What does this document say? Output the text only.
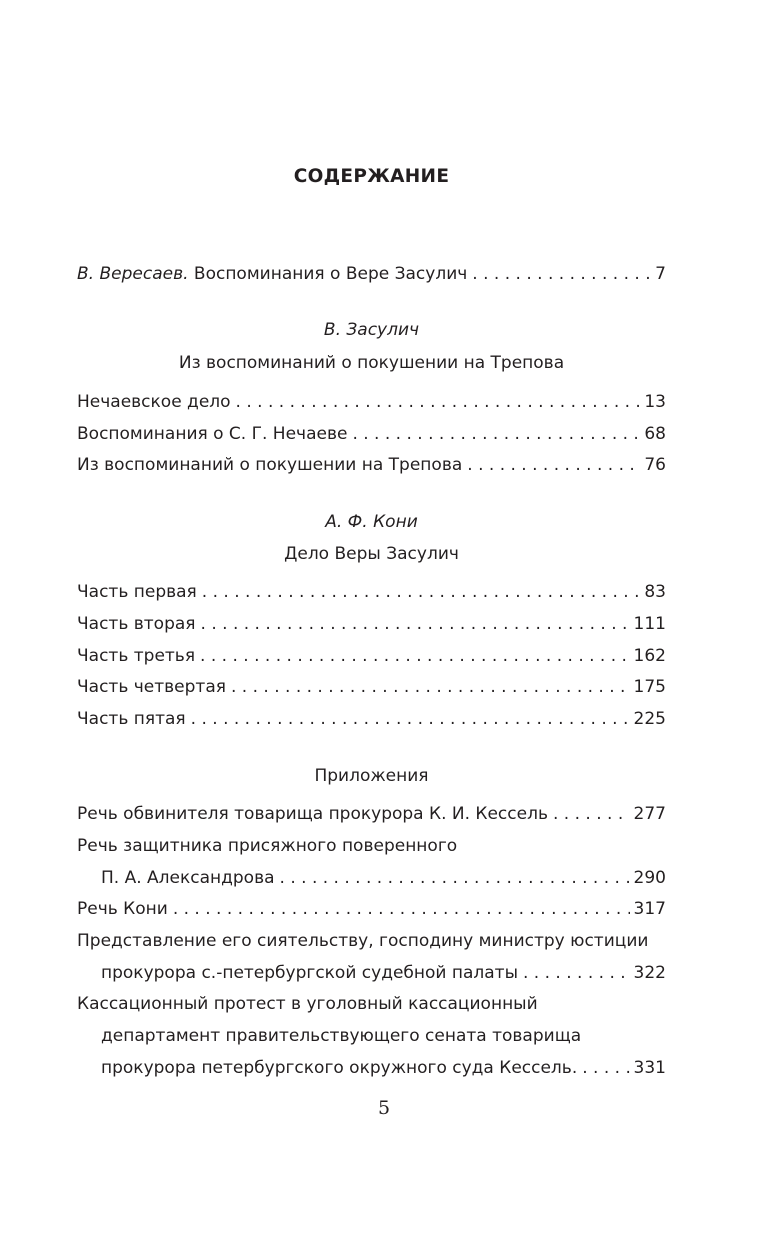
СОДЕРЖАНИЕ
В. Вересаев. Воспоминания о Вере Засулич . . .	7
В. Засулич
Из воспоминаний о покушении на Трепова
Нечаевское дело . . .	13
Воспоминания о С. Г. Нечаеве . . .	68
Из воспоминаний о покушении на Трепова . . .	76
А. Ф. Кони
Дело Веры Засулич
Часть первая . . .	83
Часть вторая . . .	111
Часть третья . . .	162
Часть четвертая . . .	175
Часть пятая . . .	225
Приложения
Речь обвинителя товарища прокурора К. И. Кессель . . .	277
Речь защитника присяжного поверенного
П. А. Александрова . . .	290
Речь Кони . . .	317
Представление его сиятельству, господину министру юстиции
прокурора с.-петербургской судебной палаты . . .	322
Кассационный протест в уголовный кассационный
департамент правительствующего сената товарища
прокурора петербургского окружного суда Кессель. . . .	331
5
